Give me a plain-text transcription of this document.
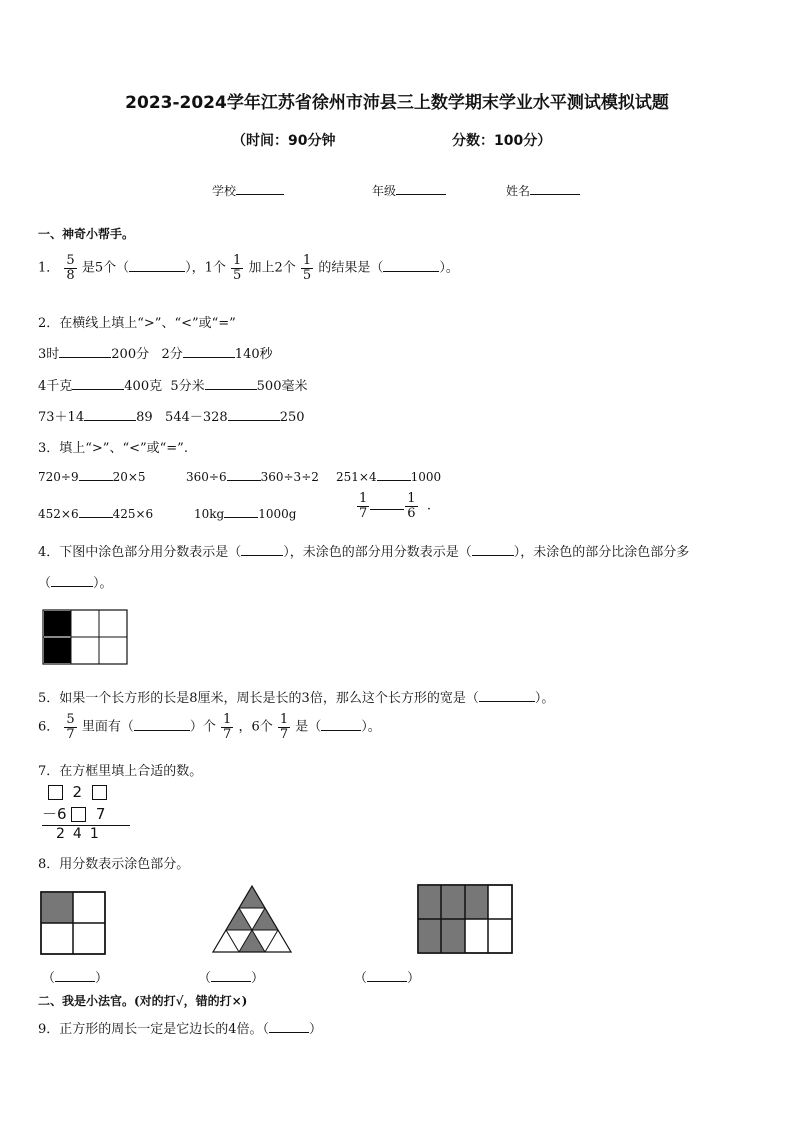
2023-2024学年江苏省徐州市沛县三上数学期末学业水平测试模拟试题
（时间：90分钟	分数：100分）
学校	年级	姓名
一、神奇小帮手。
1． $\frac{5}{8}$ 是5个（	），1个 $\frac{1}{5}$ 加上2个 $\frac{1}{5}$ 的结果是（	）。
2．在横线上填上“>”、“<”或“=”
3时	200分 2分	140秒
4千克	400克 5分米	500毫米
73＋14	89 544－328	250
3．填上“>”、“<”或“=”.
720÷9	20×5	360÷6	360÷3÷2 251×4	1000
452×6	425×6	10kg	1000g	$\frac{1}{7}$	$\frac{1}{6}$ .
4．下图中涂色部分用分数表示是（	），未涂色的部分用分数表示是（	），未涂色的部分比涂色部分多
（	）。
5．如果一个长方形的长是8厘米，周长是长的3倍，那么这个长方形的宽是（	）。
6． $\frac{5}{7}$ 里面有（	）个 $\frac{1}{7}$ ，6个 $\frac{1}{7}$ 是（	）。
7．在方框里填上合适的数。
2
－6 7
241
8．用分数表示涂色部分。
（	）	（	）	（	）
二、我是小法官。(对的打√，错的打×)
9．正方形的周长一定是它边长的4倍。（	）
